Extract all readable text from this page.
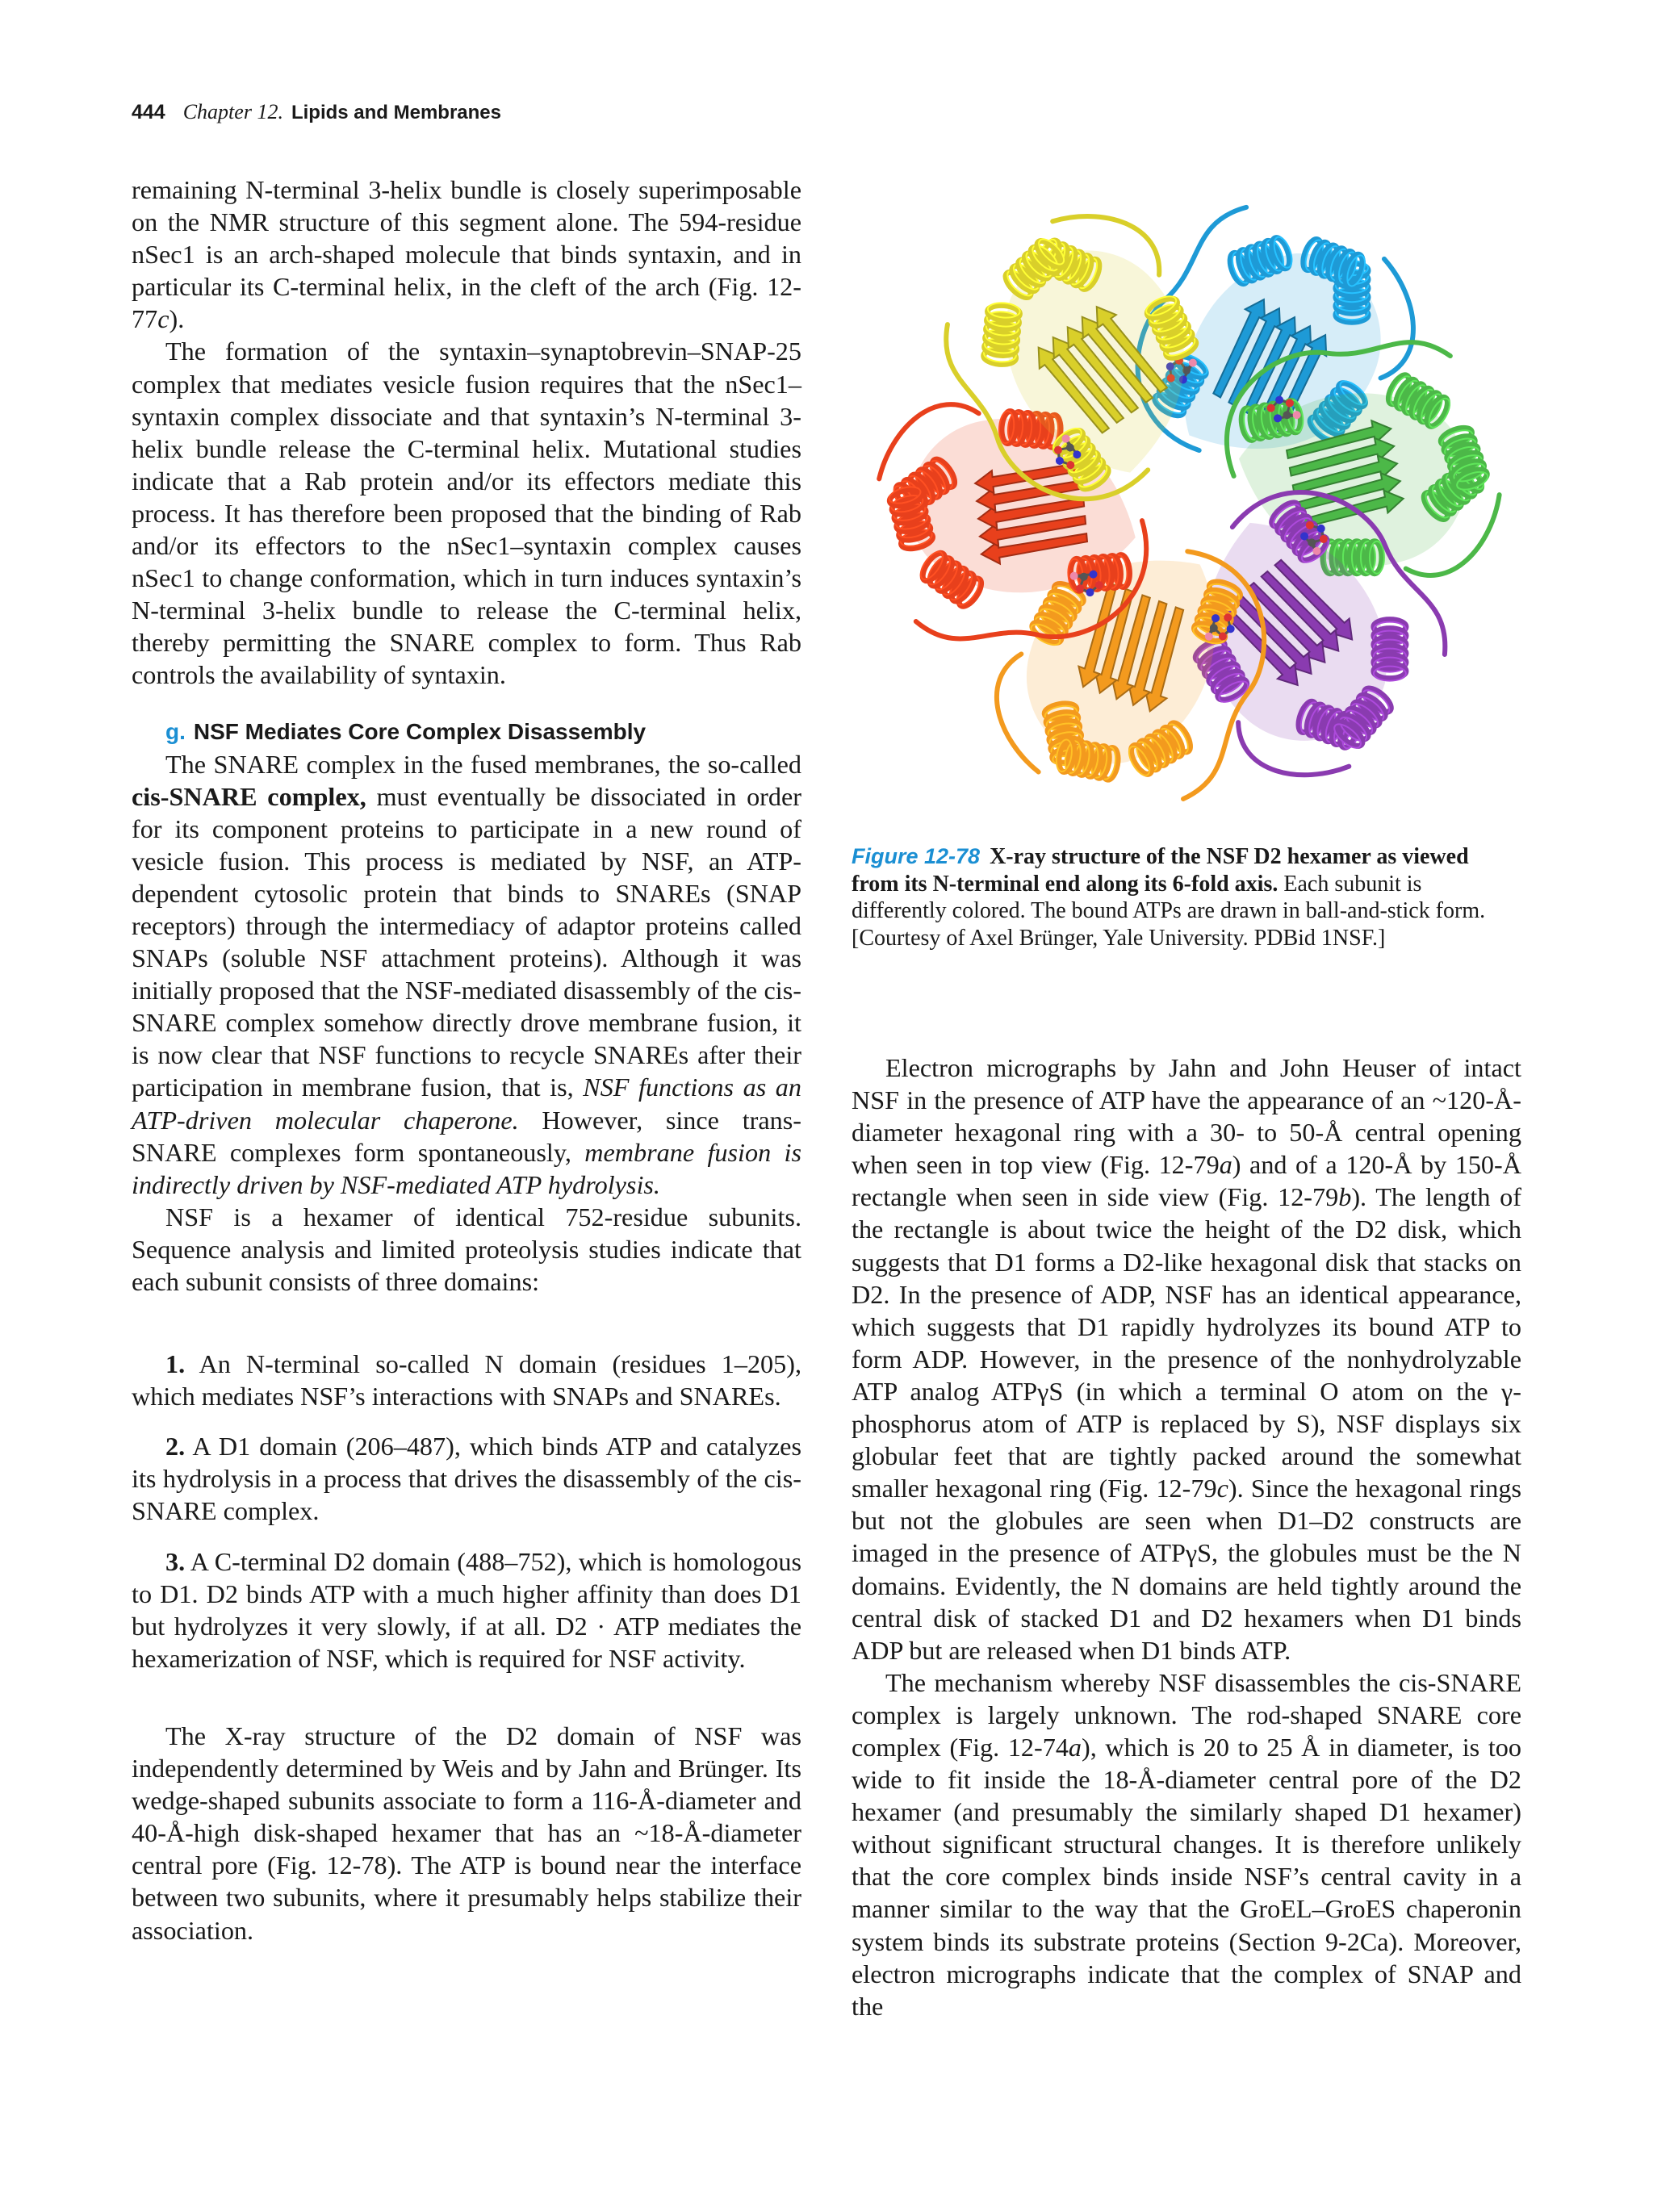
444 Chapter 12. Lipids and Membranes

remaining N-terminal 3-helix bundle is closely superimposable on the NMR structure of this segment alone. The 594-residue nSec1 is an arch-shaped molecule that binds syntaxin, and in particular its C-terminal helix, in the cleft of the arch (Fig. 12-77c).

The formation of the syntaxin–synaptobrevin–SNAP-25 complex that mediates vesicle fusion requires that the nSec1–syntaxin complex dissociate and that syntaxin’s N-terminal 3-helix bundle release the C-terminal helix. Mutational studies indicate that a Rab protein and/or its effectors mediate this process. It has therefore been proposed that the binding of Rab and/or its effectors to the nSec1–syntaxin complex causes nSec1 to change conformation, which in turn induces syntaxin’s N-terminal 3-helix bundle to release the C-terminal helix, thereby permitting the SNARE complex to form. Thus Rab controls the availability of syntaxin.

g. NSF Mediates Core Complex Disassembly

The SNARE complex in the fused membranes, the so-called cis-SNARE complex, must eventually be dissociated in order for its component proteins to participate in a new round of vesicle fusion. This process is mediated by NSF, an ATP-dependent cytosolic protein that binds to SNAREs (SNAP receptors) through the intermediacy of adaptor proteins called SNAPs (soluble NSF attachment proteins). Although it was initially proposed that the NSF-mediated disassembly of the cis-SNARE complex somehow directly drove membrane fusion, it is now clear that NSF functions to recycle SNAREs after their participation in membrane fusion, that is, NSF functions as an ATP-driven molecular chaperone. However, since trans-SNARE complexes form spontaneously, membrane fusion is indirectly driven by NSF-mediated ATP hydrolysis.

NSF is a hexamer of identical 752-residue subunits. Sequence analysis and limited proteolysis studies indicate that each subunit consists of three domains:

1. An N-terminal so-called N domain (residues 1–205), which mediates NSF’s interactions with SNAPs and SNAREs.

2. A D1 domain (206–487), which binds ATP and catalyzes its hydrolysis in a process that drives the disassembly of the cis-SNARE complex.

3. A C-terminal D2 domain (488–752), which is homologous to D1. D2 binds ATP with a much higher affinity than does D1 but hydrolyzes it very slowly, if at all. D2 · ATP mediates the hexamerization of NSF, which is required for NSF activity.

The X-ray structure of the D2 domain of NSF was independently determined by Weis and by Jahn and Brünger. Its wedge-shaped subunits associate to form a 116-Å-diameter and 40-Å-high disk-shaped hexamer that has an ~18-Å-diameter central pore (Fig. 12-78). The ATP is bound near the interface between two subunits, where it presumably helps stabilize their association.

Figure 12-78 X-ray structure of the NSF D2 hexamer as viewed from its N-terminal end along its 6-fold axis. Each subunit is differently colored. The bound ATPs are drawn in ball-and-stick form. [Courtesy of Axel Brünger, Yale University. PDBid 1NSF.]

Electron micrographs by Jahn and John Heuser of intact NSF in the presence of ATP have the appearance of an ~120-Å-diameter hexagonal ring with a 30- to 50-Å central opening when seen in top view (Fig. 12-79a) and of a 120-Å by 150-Å rectangle when seen in side view (Fig. 12-79b). The length of the rectangle is about twice the height of the D2 disk, which suggests that D1 forms a D2-like hexagonal disk that stacks on D2. In the presence of ADP, NSF has an identical appearance, which suggests that D1 rapidly hydrolyzes its bound ATP to form ADP. However, in the presence of the nonhydrolyzable ATP analog ATPγS (in which a terminal O atom on the γ-phosphorus atom of ATP is replaced by S), NSF displays six globular feet that are tightly packed around the somewhat smaller hexagonal ring (Fig. 12-79c). Since the hexagonal rings but not the globules are seen when D1–D2 constructs are imaged in the presence of ATPγS, the globules must be the N domains. Evidently, the N domains are held tightly around the central disk of stacked D1 and D2 hexamers when D1 binds ADP but are released when D1 binds ATP.

The mechanism whereby NSF disassembles the cis-SNARE complex is largely unknown. The rod-shaped SNARE core complex (Fig. 12-74a), which is 20 to 25 Å in diameter, is too wide to fit inside the 18-Å-diameter central pore of the D2 hexamer (and presumably the similarly shaped D1 hexamer) without significant structural changes. It is therefore unlikely that the core complex binds inside NSF’s central cavity in a manner similar to the way that the GroEL–GroES chaperonin system binds its substrate proteins (Section 9-2Ca). Moreover, electron micrographs indicate that the complex of SNAP and the
